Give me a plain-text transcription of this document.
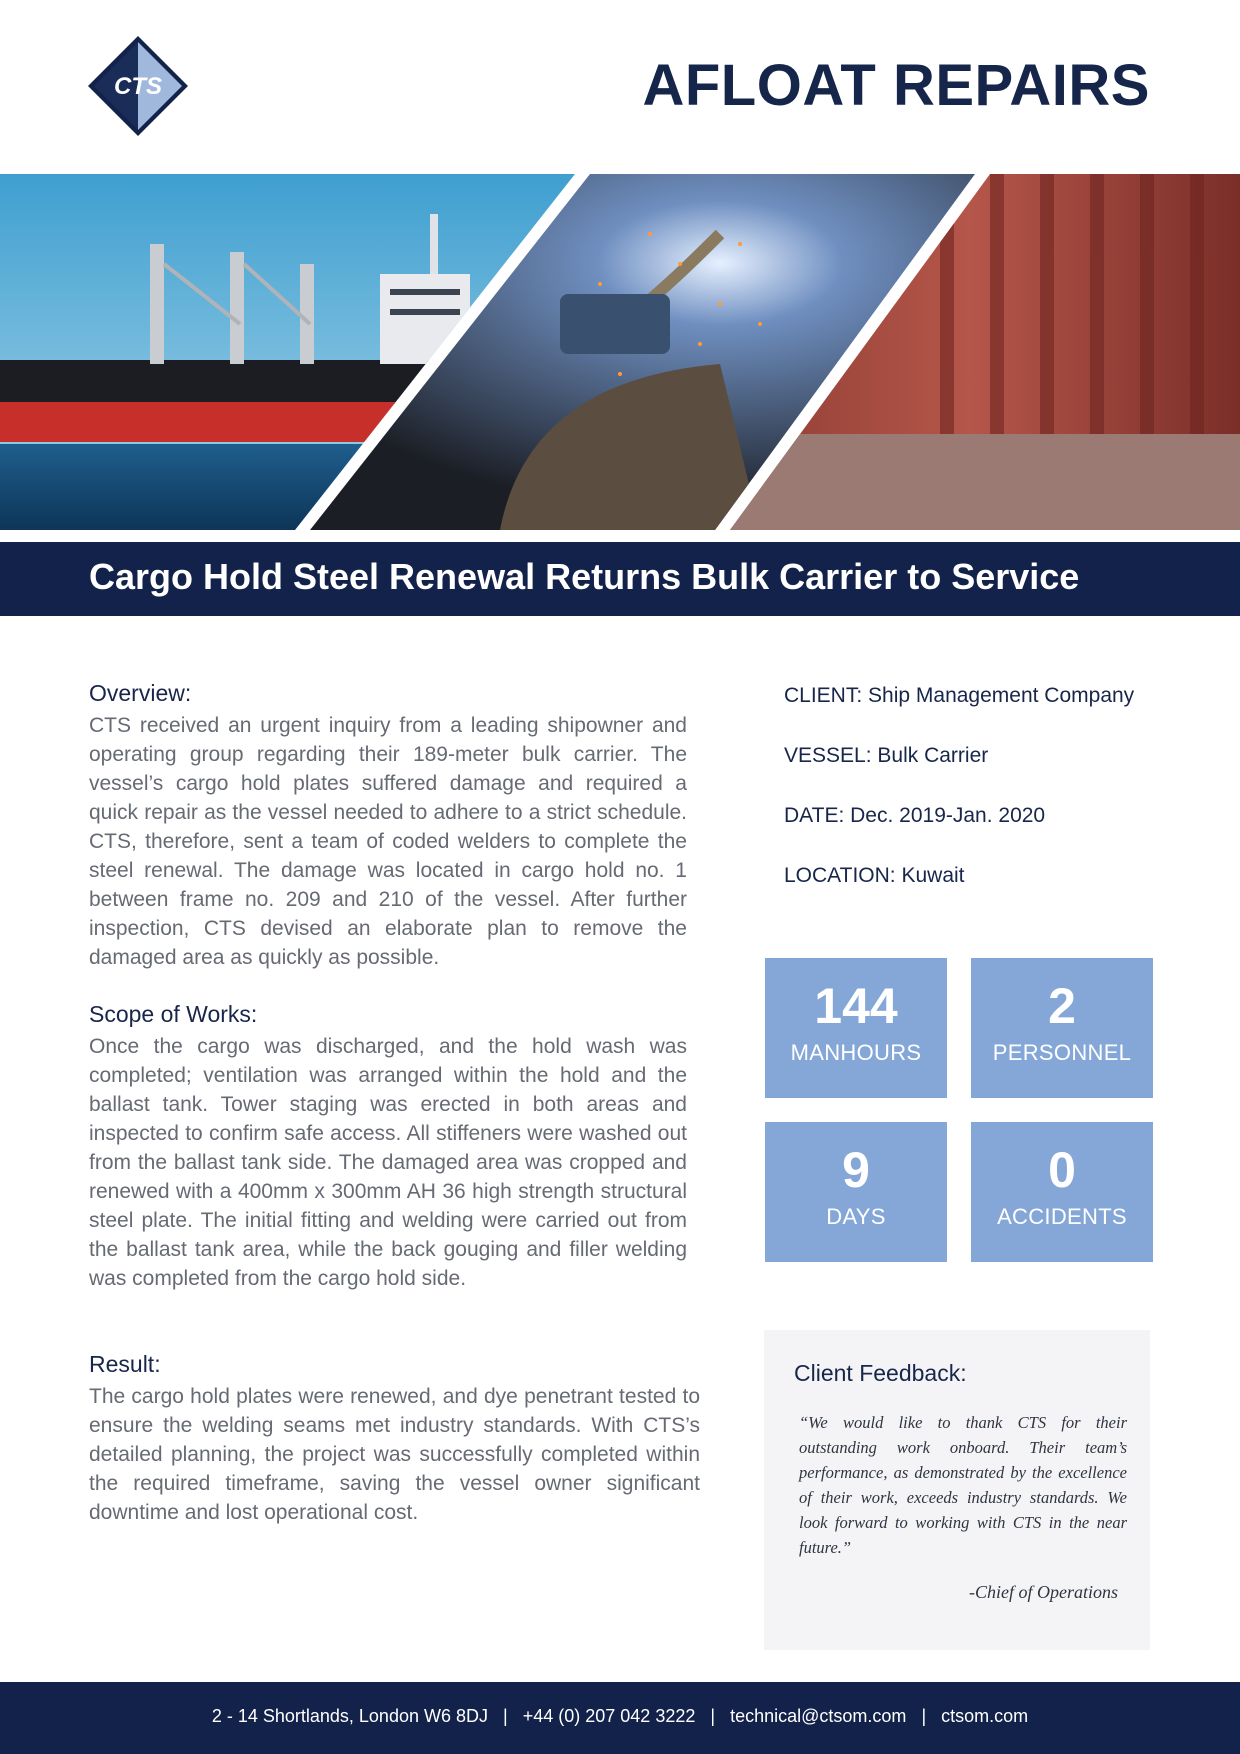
CTS	AFLOAT REPAIRS
Cargo Hold Steel Renewal Returns Bulk Carrier to Service
Overview:

CTS received an urgent inquiry from a leading shipowner and operating group regarding their 189-meter bulk carrier. The vessel’s cargo hold plates suffered damage and required a quick repair as the vessel needed to adhere to a strict schedule. CTS, therefore, sent a team of coded welders to complete the steel renewal. The damage was located in cargo hold no. 1 between frame no. 209 and 210 of the vessel. After further inspection, CTS devised an elaborate plan to remove the damaged area as quickly as possible.

Scope of Works:

Once the cargo was discharged, and the hold wash was completed; ventilation was arranged within the hold and the ballast tank. Tower staging was erected in both areas and inspected to confirm safe access. All stiffeners were washed out from the ballast tank side. The damaged area was cropped and renewed with a 400mm x 300mm AH 36 high strength structural steel plate. The initial fitting and welding were carried out from the ballast tank area, while the back gouging and filler welding was completed from the cargo hold side.

Result:

The cargo hold plates were renewed, and dye penetrant tested to ensure the welding seams met industry standards. With CTS’s detailed planning, the project was successfully completed within the required timeframe, saving the vessel owner significant downtime and lost operational cost.

CLIENT: Ship Management Company
VESSEL: Bulk Carrier
DATE: Dec. 2019-Jan. 2020
LOCATION: Kuwait
144
MANHOURS
2
PERSONNEL
9
DAYS
0
ACCIDENTS
Client Feedback:

“We would like to thank CTS for their outstanding work onboard. Their team’s performance, as demonstrated by the excellence of their work, exceeds industry standards. We look forward to working with CTS in the near future.”

-Chief of Operations

2 - 14 Shortlands, London W6 8DJ | +44 (0) 207 042 3222 | technical@ctsom.com | ctsom.com
